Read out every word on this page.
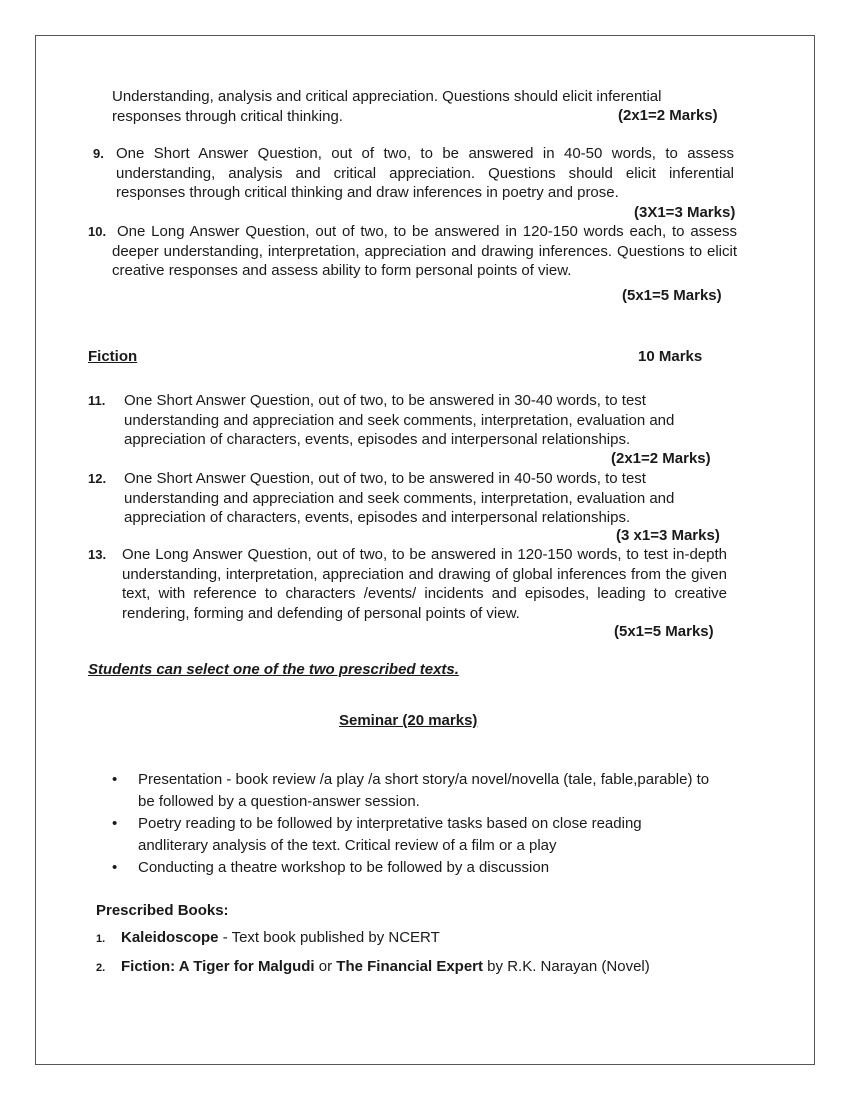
Understanding, analysis and critical appreciation. Questions should elicit inferential responses through critical thinking.	(2x1=2 Marks)
9. One Short Answer Question, out of two, to be answered in 40-50 words, to assess understanding, analysis and critical appreciation. Questions should elicit inferential responses through critical thinking and draw inferences in poetry and prose.

(3X1=3 Marks)
10. One Long Answer Question, out of two, to be answered in 120-150 words each, to assess deeper understanding, interpretation, appreciation and drawing inferences. Questions to elicit creative responses and assess ability to form personal points of view.

(5x1=5 Marks)
Fiction	10 Marks
11. One Short Answer Question, out of two, to be answered in 30-40 words, to test understanding and appreciation and seek comments, interpretation, evaluation and appreciation of characters, events, episodes and interpersonal relationships.

(2x1=2 Marks)
12. One Short Answer Question, out of two, to be answered in 40-50 words, to test understanding and appreciation and seek comments, interpretation, evaluation and appreciation of characters, events, episodes and interpersonal relationships.

(3 x1=3 Marks)
13. One Long Answer Question, out of two, to be answered in 120-150 words, to test in-depth understanding, interpretation, appreciation and drawing of global inferences from the given text, with reference to characters /events/ incidents and episodes, leading to creative rendering, forming and defending of personal points of view.

(5x1=5 Marks)
Students can select one of the two prescribed texts.
Seminar (20 marks)
• Presentation - book review /a play /a short story/a novel/novella (tale, fable,parable) to be followed by a question-answer session.
• Poetry reading to be followed by interpretative tasks based on close reading andliterary analysis of the text. Critical review of a film or a play
• Conducting a theatre workshop to be followed by a discussion
Prescribed Books:
1. Kaleidoscope - Text book published by NCERT
2. Fiction: A Tiger for Malgudi or The Financial Expert by R.K. Narayan (Novel)
